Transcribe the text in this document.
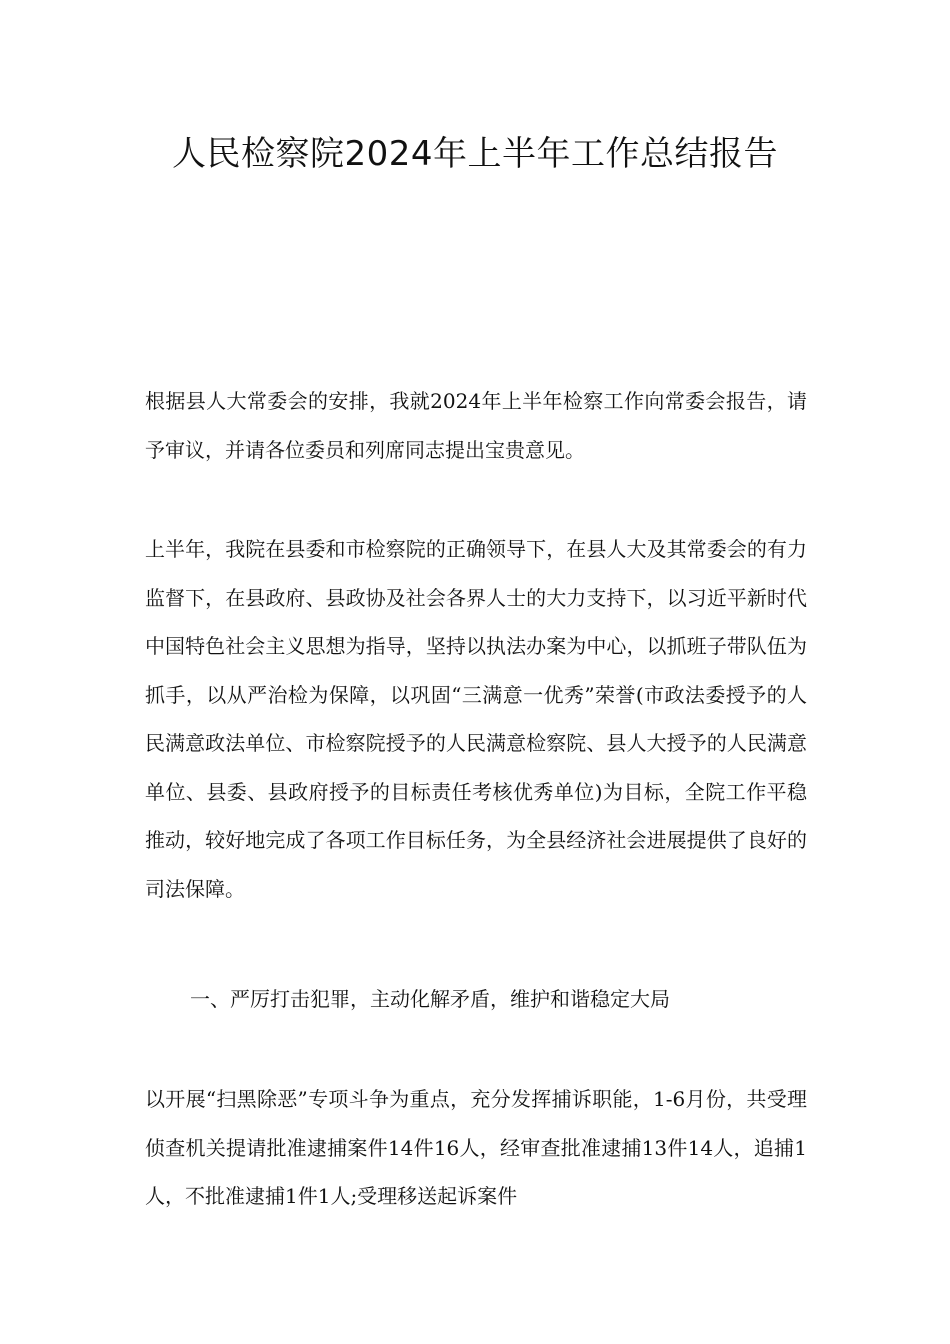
人民检察院2024年上半年工作总结报告

根据县人大常委会的安排，我就2024年上半年检察工作向常委会报告，请予审议，并请各位委员和列席同志提出宝贵意见。

上半年，我院在县委和市检察院的正确领导下，在县人大及其常委会的有力监督下，在县政府、县政协及社会各界人士的大力支持下，以习近平新时代中国特色社会主义思想为指导，坚持以执法办案为中心，以抓班子带队伍为抓手，以从严治检为保障，以巩固“三满意一优秀”荣誉(市政法委授予的人民满意政法单位、市检察院授予的人民满意检察院、县人大授予的人民满意单位、县委、县政府授予的目标责任考核优秀单位)为目标，全院工作平稳推动，较好地完成了各项工作目标任务，为全县经济社会进展提供了良好的司法保障。

一、严厉打击犯罪，主动化解矛盾，维护和谐稳定大局

以开展“扫黑除恶”专项斗争为重点，充分发挥捕诉职能，1-6月份，共受理侦查机关提请批准逮捕案件14件16人，经审查批准逮捕13件14人，追捕1人，不批准逮捕1件1人;受理移送起诉案件
